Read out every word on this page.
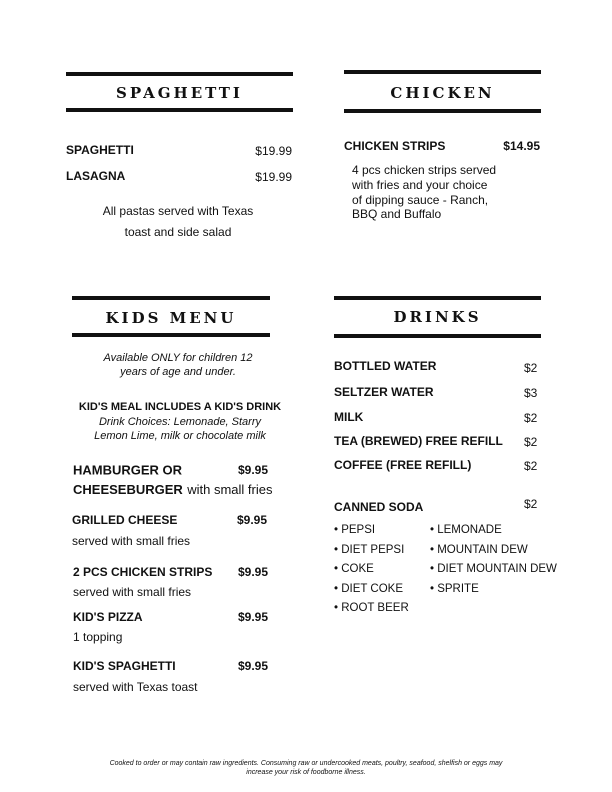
SPAGHETTI
SPAGHETTI	$19.99
LASAGNA	$19.99
All pastas served with Texas
toast and side salad
CHICKEN
CHICKEN STRIPS	$14.95
4 pcs chicken strips served
with fries and your choice
of dipping sauce - Ranch,
BBQ and Buffalo
KIDS MENU
Available ONLY for children 12
years of age and under.
KID'S MEAL INCLUDES A KID'S DRINK
Drink Choices: Lemonade, Starry
Lemon Lime, milk or chocolate milk
HAMBURGER OR	$9.95
CHEESEBURGER with small fries
GRILLED CHEESE	$9.95
served with small fries
2 PCS CHICKEN STRIPS $9.95
served with small fries
KID'S PIZZA	$9.95
1 topping
KID'S SPAGHETTI	$9.95
served with Texas toast
DRINKS
BOTTLED WATER	$2
SELTZER WATER	$3
MILK	$2
TEA (BREWED) FREE REFILL $2
COFFEE (FREE REFILL)	$2
CANNED SODA	$2
• PEPSI
• DIET PEPSI
• COKE
• DIET COKE
• ROOT BEER
• LEMONADE
• MOUNTAIN DEW
• DIET MOUNTAIN DEW
• SPRITE
Cooked to order or may contain raw ingredients. Consuming raw or undercooked meats, poultry, seafood, shelfish or eggs may
increase your risk of foodborne illness.
